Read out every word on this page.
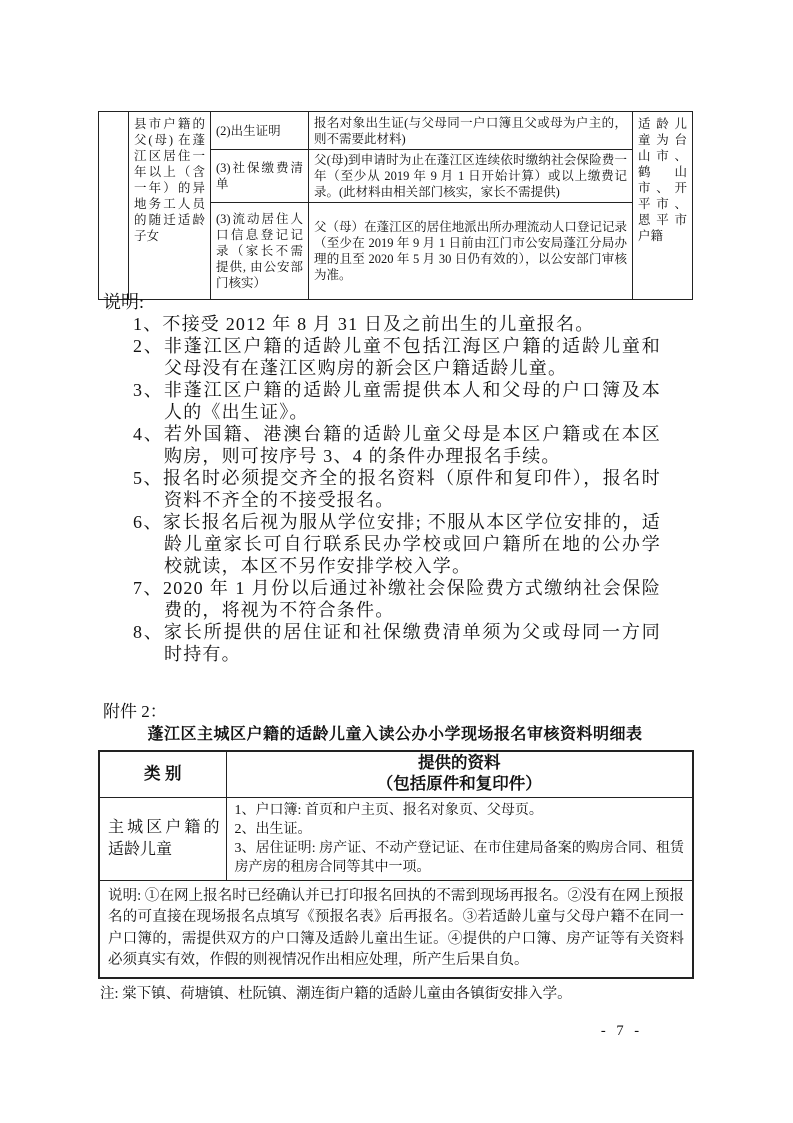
	县市户籍的父(母) 在蓬江区居住一年以上（含一年）的异地务工人员的随迁适龄子女	(2)出生证明	报名对象出生证(与父母同一户口簿且父或母为户主的，则不需要此材料)	适龄儿童为台山市、鹤山市、开平市、恩平市户籍
		(3)社保缴费清单	父(母)到申请时为止在蓬江区连续依时缴纳社会保险费一年（至少从 2019 年 9 月 1 日开始计算）或以上缴费记录。(此材料由相关部门核实，家长不需提供)	
		(3)流动居住人口信息登记记录（家长不需提供, 由公安部门核实）	父（母）在蓬江区的居住地派出所办理流动人口登记记录（至少在 2019 年 9 月 1 日前由江门市公安局蓬江分局办理的且至 2020 年 5 月 30 日仍有效的），以公安部门审核为准。	
说明:
1、不接受 2012 年 8 月 31 日及之前出生的儿童报名。
2、非蓬江区户籍的适龄儿童不包括江海区户籍的适龄儿童和父母没有在蓬江区购房的新会区户籍适龄儿童。
3、非蓬江区户籍的适龄儿童需提供本人和父母的户口簿及本人的《出生证》。
4、若外国籍、港澳台籍的适龄儿童父母是本区户籍或在本区购房，则可按序号 3、4 的条件办理报名手续。
5、报名时必须提交齐全的报名资料（原件和复印件），报名时资料不齐全的不接受报名。
6、家长报名后视为服从学位安排; 不服从本区学位安排的，适龄儿童家长可自行联系民办学校或回户籍所在地的公办学校就读，本区不另作安排学校入学。
7、2020 年 1 月份以后通过补缴社会保险费方式缴纳社会保险费的，将视为不符合条件。
8、家长所提供的居住证和社保缴费清单须为父或母同一方同时持有。
附件 2：
蓬江区主城区户籍的适龄儿童入读公办小学现场报名审核资料明细表
类 别	提供的资料
（包括原件和复印件）

主城区户籍的适龄儿童	1、户口簿: 首页和户主页、报名对象页、父母页。
2、出生证。
3、居住证明: 房产证、不动产登记证、在市住建局备案的购房合同、租赁房产房的租房合同等其中一项。

说明: ①在网上报名时已经确认并已打印报名回执的不需到现场再报名。②没有在网上预报名的可直接在现场报名点填写《预报名表》后再报名。③若适龄儿童与父母户籍不在同一户口簿的，需提供双方的户口簿及适龄儿童出生证。④提供的户口簿、房产证等有关资料必须真实有效，作假的则视情况作出相应处理，所产生后果自负。	
注: 棠下镇、荷塘镇、杜阮镇、潮连街户籍的适龄儿童由各镇街安排入学。
- 7 -
